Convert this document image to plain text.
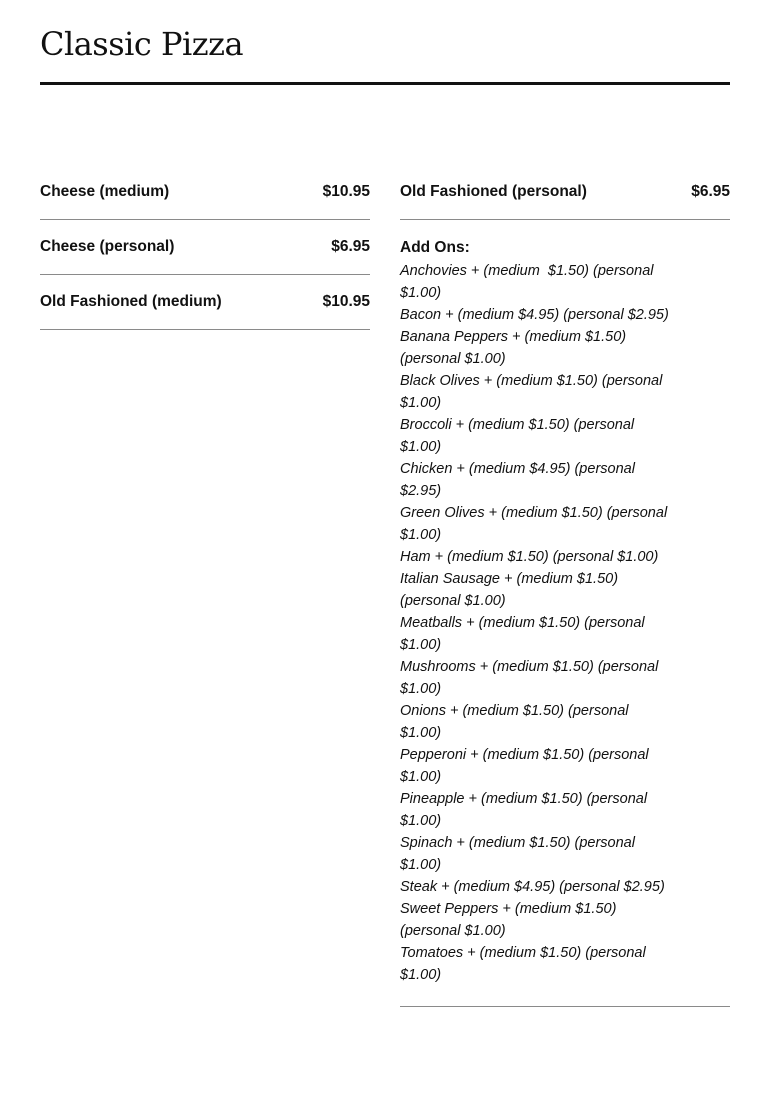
Classic Pizza
Cheese (medium)	$10.95
Cheese (personal)	$6.95
Old Fashioned (medium)	$10.95
Old Fashioned (personal)	$6.95
Add Ons:
Anchovies + (medium  $1.50) (personal $1.00)
Bacon + (medium $4.95) (personal $2.95)
Banana Peppers + (medium $1.50) (personal $1.00)
Black Olives + (medium $1.50) (personal $1.00)
Broccoli + (medium $1.50) (personal $1.00)
Chicken + (medium $4.95) (personal $2.95)
Green Olives + (medium $1.50) (personal $1.00)
Ham + (medium $1.50) (personal $1.00)
Italian Sausage + (medium $1.50) (personal $1.00)
Meatballs + (medium $1.50) (personal $1.00)
Mushrooms + (medium $1.50) (personal $1.00)
Onions + (medium $1.50) (personal $1.00)
Pepperoni + (medium $1.50) (personal $1.00)
Pineapple + (medium $1.50) (personal $1.00)
Spinach + (medium $1.50) (personal $1.00)
Steak + (medium $4.95) (personal $2.95)
Sweet Peppers + (medium $1.50) (personal $1.00)
Tomatoes + (medium $1.50) (personal $1.00)
